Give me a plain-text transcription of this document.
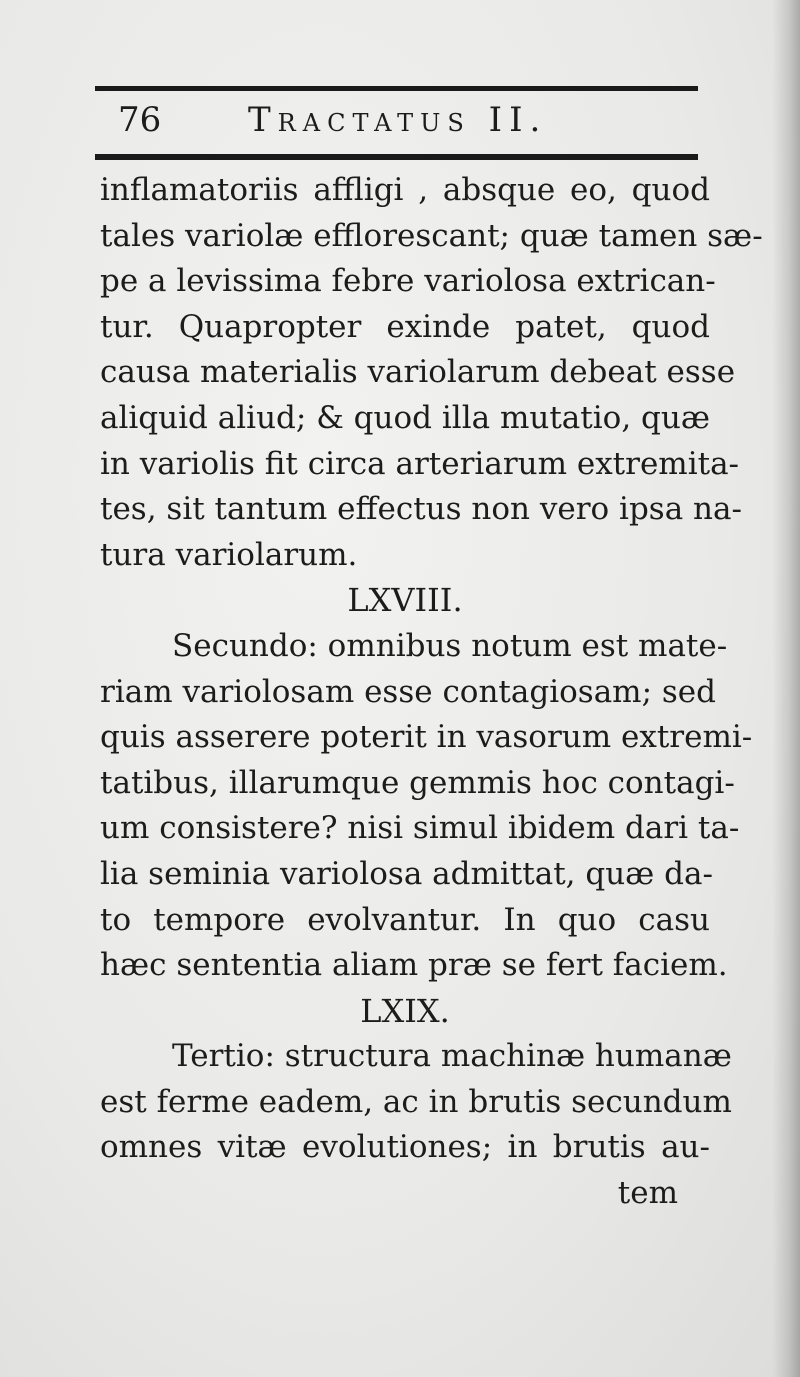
76	Tractatus II.
inflamatoriis affligi , absque eo, quod
tales variolæ efflorescant; quæ tamen sæ-
pe a levissima febre variolosa extrican-
tur. Quapropter exinde patet, quod
causa materialis variolarum debeat esse
aliquid aliud; & quod illa mutatio, quæ
in variolis fit circa arteriarum extremita-
tes, sit tantum effectus non vero ipsa na-
tura variolarum.
LXVIII.
Secundo: omnibus notum est mate-
riam variolosam esse contagiosam; sed
quis asserere poterit in vasorum extremi-
tatibus, illarumque gemmis hoc contagi-
um consistere? nisi simul ibidem dari ta-
lia seminia variolosa admittat, quæ da-
to tempore evolvantur. In quo casu
hæc sententia aliam præ se fert faciem.
LXIX.
Tertio: structura machinæ humanæ
est ferme eadem, ac in brutis secundum
omnes vitæ evolutiones; in brutis au-
tem
